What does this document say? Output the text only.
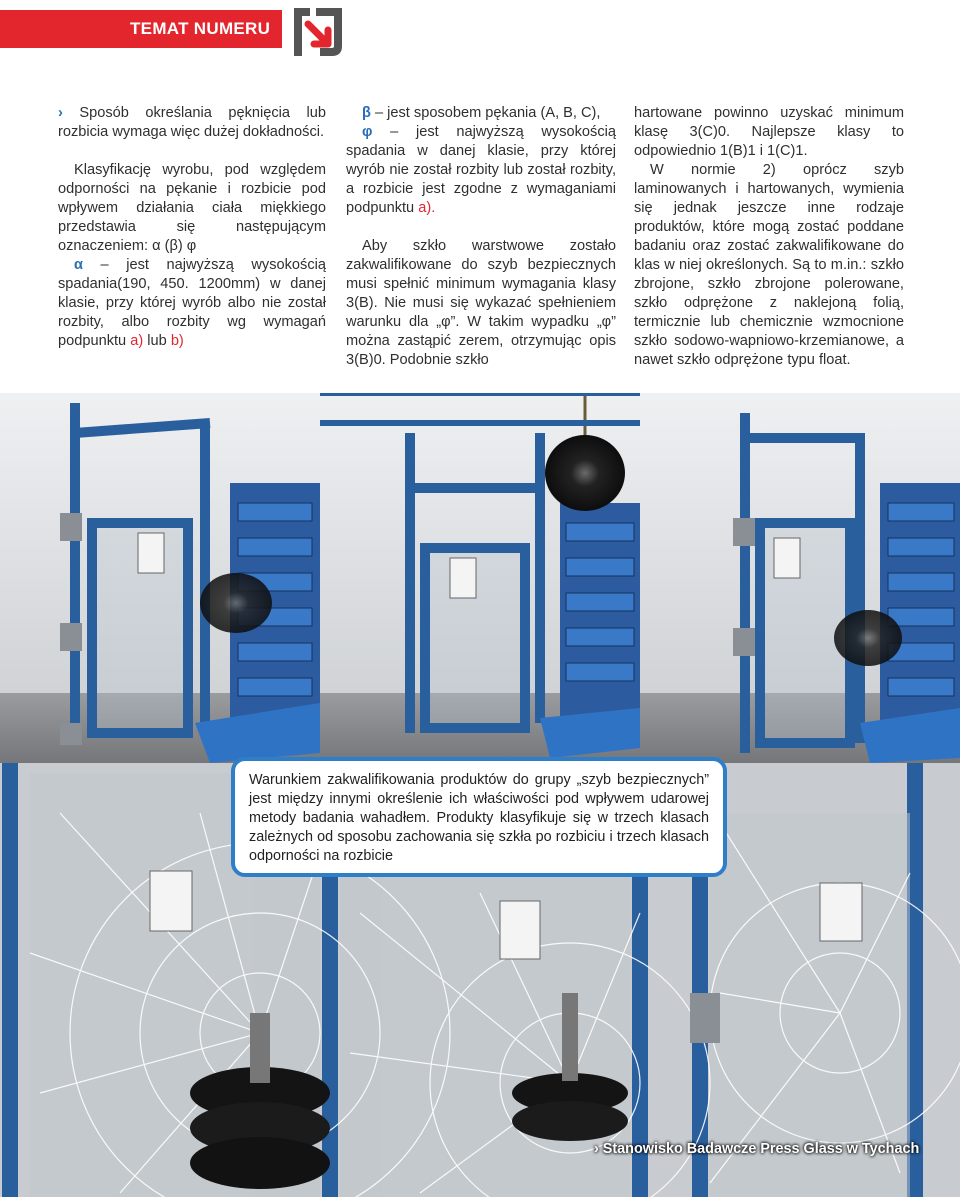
TEMAT NUMERU

› Sposób określania pęknięcia lub rozbicia wymaga więc dużej dokładności.

Klasyfikację wyrobu, pod względem odporności na pękanie i rozbicie pod wpływem działania ciała miękkiego przedstawia się następującym oznaczeniem: α (β) φ

α – jest najwyższą wysokością spadania(190, 450. 1200mm) w danej klasie, przy której wyrób albo nie został rozbity, albo rozbity wg wymagań podpunktu a) lub b)

β – jest sposobem pękania (A, B, C),

φ – jest najwyższą wysokością spadania w danej klasie, przy której wyrób nie został rozbity lub został rozbity, a rozbicie jest zgodne z wymaganiami podpunktu a).

Aby szkło warstwowe zostało zakwalifikowane do szyb bezpiecznych musi spełnić minimum wymagania klasy 3(B). Nie musi się wykazać spełnieniem warunku dla „φ”. W takim wypadku „φ” można zastąpić zerem, otrzymując opis 3(B)0. Podobnie szkło

hartowane powinno uzyskać minimum klasę 3(C)0. Najlepsze klasy to odpowiednio 1(B)1 i 1(C)1.

W normie 2) oprócz szyb laminowanych i hartowanych, wymienia się jednak jeszcze inne rodzaje produktów, które mogą zostać poddane badaniu oraz zostać zakwalifikowane do klas w niej określonych. Są to m.in.: szkło zbrojone, szkło zbrojone polerowane, szkło odprężone z naklejoną folią, termicznie lub chemicznie wzmocnione szkło sodowo-wapniowo-krzemianowe, a nawet szkło odprężone typu float.

Warunkiem zakwalifikowania produktów do grupy „szyb bezpiecznych” jest między innymi określenie ich właściwości pod wpływem udarowej metody badania wahadłem. Produkty klasyfikuje się w trzech klasach zależnych od sposobu zachowania się szkła po rozbiciu i trzech klasach odporności na rozbicie
› Stanowisko Badawcze Press Glass w Tychach
